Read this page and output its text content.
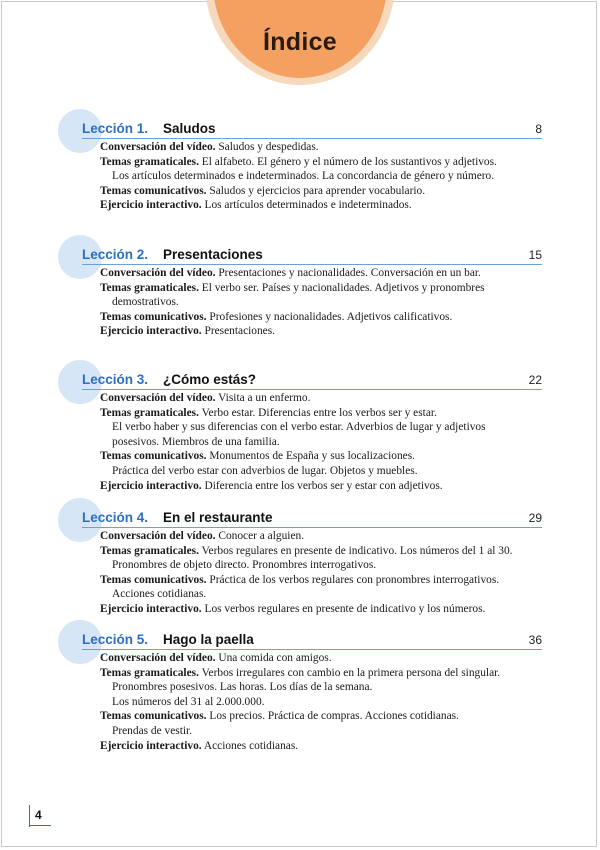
Índice
Lección 1. Saludos	8
Conversación del vídeo. Saludos y despedidas.
Temas gramaticales. El alfabeto. El género y el número de los sustantivos y adjetivos.
Los artículos determinados e indeterminados. La concordancia de género y número.
Temas comunicativos. Saludos y ejercicios para aprender vocabulario.
Ejercicio interactivo. Los artículos determinados e indeterminados.
Lección 2. Presentaciones	15
Conversación del vídeo. Presentaciones y nacionalidades. Conversación en un bar.
Temas gramaticales. El verbo ser. Países y nacionalidades. Adjetivos y pronombres
demostrativos.
Temas comunicativos. Profesiones y nacionalidades. Adjetivos calificativos.
Ejercicio interactivo. Presentaciones.
Lección 3. ¿Cómo estás?	22
Conversación del vídeo. Visita a un enfermo.
Temas gramaticales. Verbo estar. Diferencias entre los verbos ser y estar.
El verbo haber y sus diferencias con el verbo estar. Adverbios de lugar y adjetivos
posesivos. Miembros de una familia.
Temas comunicativos. Monumentos de España y sus localizaciones.
Práctica del verbo estar con adverbios de lugar. Objetos y muebles.
Ejercicio interactivo. Diferencia entre los verbos ser y estar con adjetivos.
Lección 4. En el restaurante	29
Conversación del vídeo. Conocer a alguien.
Temas gramaticales. Verbos regulares en presente de indicativo. Los números del 1 al 30.
Pronombres de objeto directo. Pronombres interrogativos.
Temas comunicativos. Práctica de los verbos regulares con pronombres interrogativos.
Acciones cotidianas.
Ejercicio interactivo. Los verbos regulares en presente de indicativo y los números.
Lección 5. Hago la paella	36
Conversación del vídeo. Una comida con amigos.
Temas gramaticales. Verbos irregulares con cambio en la primera persona del singular.
Pronombres posesivos. Las horas. Los días de la semana.
Los números del 31 al 2.000.000.
Temas comunicativos. Los precios. Práctica de compras. Acciones cotidianas.
Prendas de vestir.
Ejercicio interactivo. Acciones cotidianas.
4
